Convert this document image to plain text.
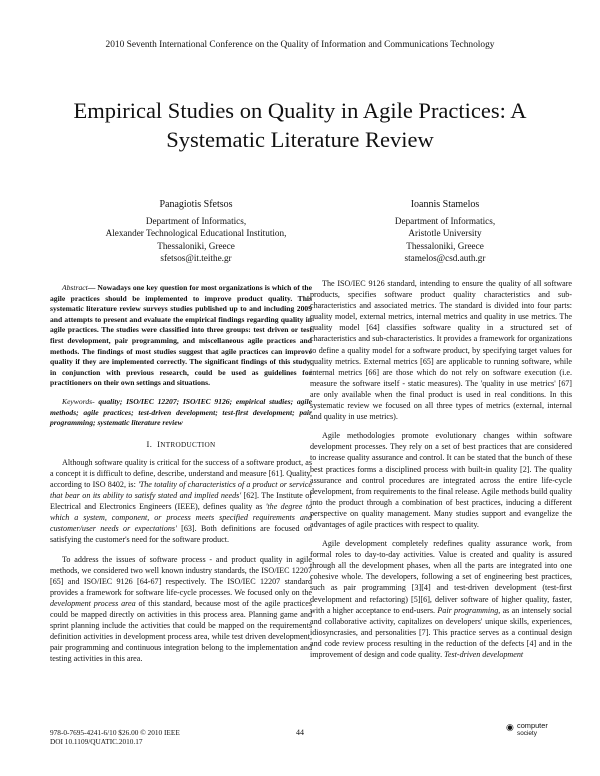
2010 Seventh International Conference on the Quality of Information and Communications Technology
Empirical Studies on Quality in Agile Practices: A Systematic Literature Review
Panagiotis Sfetsos
Department of Informatics,
Alexander Technological Educational Institution,
Thessaloniki, Greece
sfetsos@it.teithe.gr
Ioannis Stamelos
Department of Informatics,
Aristotle University
Thessaloniki, Greece
stamelos@csd.auth.gr

Abstract— Nowadays one key question for most organizations is which of the agile practices should be implemented to improve product quality. This systematic literature review surveys studies published up to and including 2009 and attempts to present and evaluate the empirical findings regarding quality in agile practices. The studies were classified into three groups: test driven or test first development, pair programming, and miscellaneous agile practices and methods. The findings of most studies suggest that agile practices can improve quality if they are implemented correctly. The significant findings of this study, in conjunction with previous research, could be used as guidelines for practitioners on their own settings and situations.

Keywords- quality; ISO/IEC 12207; ISO/IEC 9126; empirical studies; agile methods; agile practices; test-driven development; test-first development; pair programming; systematic literature review

I. INTRODUCTION

Although software quality is critical for the success of a software product, as a concept it is difficult to define, describe, understand and measure [61]. Quality, according to ISO 8402, is: 'The totality of characteristics of a product or service that bear on its ability to satisfy stated and implied needs' [62]. The Institute of Electrical and Electronics Engineers (IEEE), defines quality as 'the degree to which a system, component, or process meets specified requirements and customer/user needs or expectations' [63]. Both definitions are focused on satisfying the customer's need for the software product.

To address the issues of software process - and product quality in agile methods, we considered two well known industry standards, the ISO/IEC 12207 [65] and ISO/IEC 9126 [64-67] respectively. The ISO/IEC 12207 standard provides a framework for software life-cycle processes. We focused only on the development process area of this standard, because most of the agile practices could be mapped directly on activities in this process area. Planning game and sprint planning include the activities that could be mapped on the requirements definition activities in development process area, while test driven development, pair programming and continuous integration belong to the implementation and testing activities in this area.

The ISO/IEC 9126 standard, intending to ensure the quality of all software products, specifies software product quality characteristics and sub-characteristics and associated metrics. The standard is divided into four parts: quality model, external metrics, internal metrics and quality in use metrics. The quality model [64] classifies software quality in a structured set of characteristics and sub-characteristics. It provides a framework for organizations to define a quality model for a software product, by specifying target values for quality metrics. External metrics [65] are applicable to running software, while internal metrics [66] are those which do not rely on software execution (i.e. measure the software itself - static measures). The 'quality in use metrics' [67] are only available when the final product is used in real conditions. In this systematic review we focused on all three types of metrics (external, internal and quality in use metrics).

Agile methodologies promote evolutionary changes within software development processes. They rely on a set of best practices that are considered to increase quality assurance and control. It can be stated that the bunch of these best practices forms a disciplined process with built-in quality [2]. The quality assurance and control procedures are integrated across the entire life-cycle development, from requirements to the final release. Agile methods build quality into the product through a combination of best practices, inducing a different perspective on quality management. Many studies support and evangelize the advantages of agile practices with respect to quality.

Agile development completely redefines quality assurance work, from formal roles to day-to-day activities. Value is created and quality is assured through all the development phases, when all the parts are integrated into one cohesive whole. The developers, following a set of engineering best practices, such as pair programming [3][4] and test-driven development (test-first development and refactoring) [5][6], deliver software of higher quality, faster, with a higher acceptance to end-users. Pair programming, as an intensely social and collaborative activity, capitalizes on developers' unique skills, experiences, idiosyncrasies, and personalities [7]. This practice serves as a continual design and code review process resulting in the reduction of the defects [4] and in the improvement of design and code quality. Test-driven development

978-0-7695-4241-6/10 $26.00 © 2010 IEEE
DOI 10.1109/QUATIC.2010.17
44
◉ computer
society
